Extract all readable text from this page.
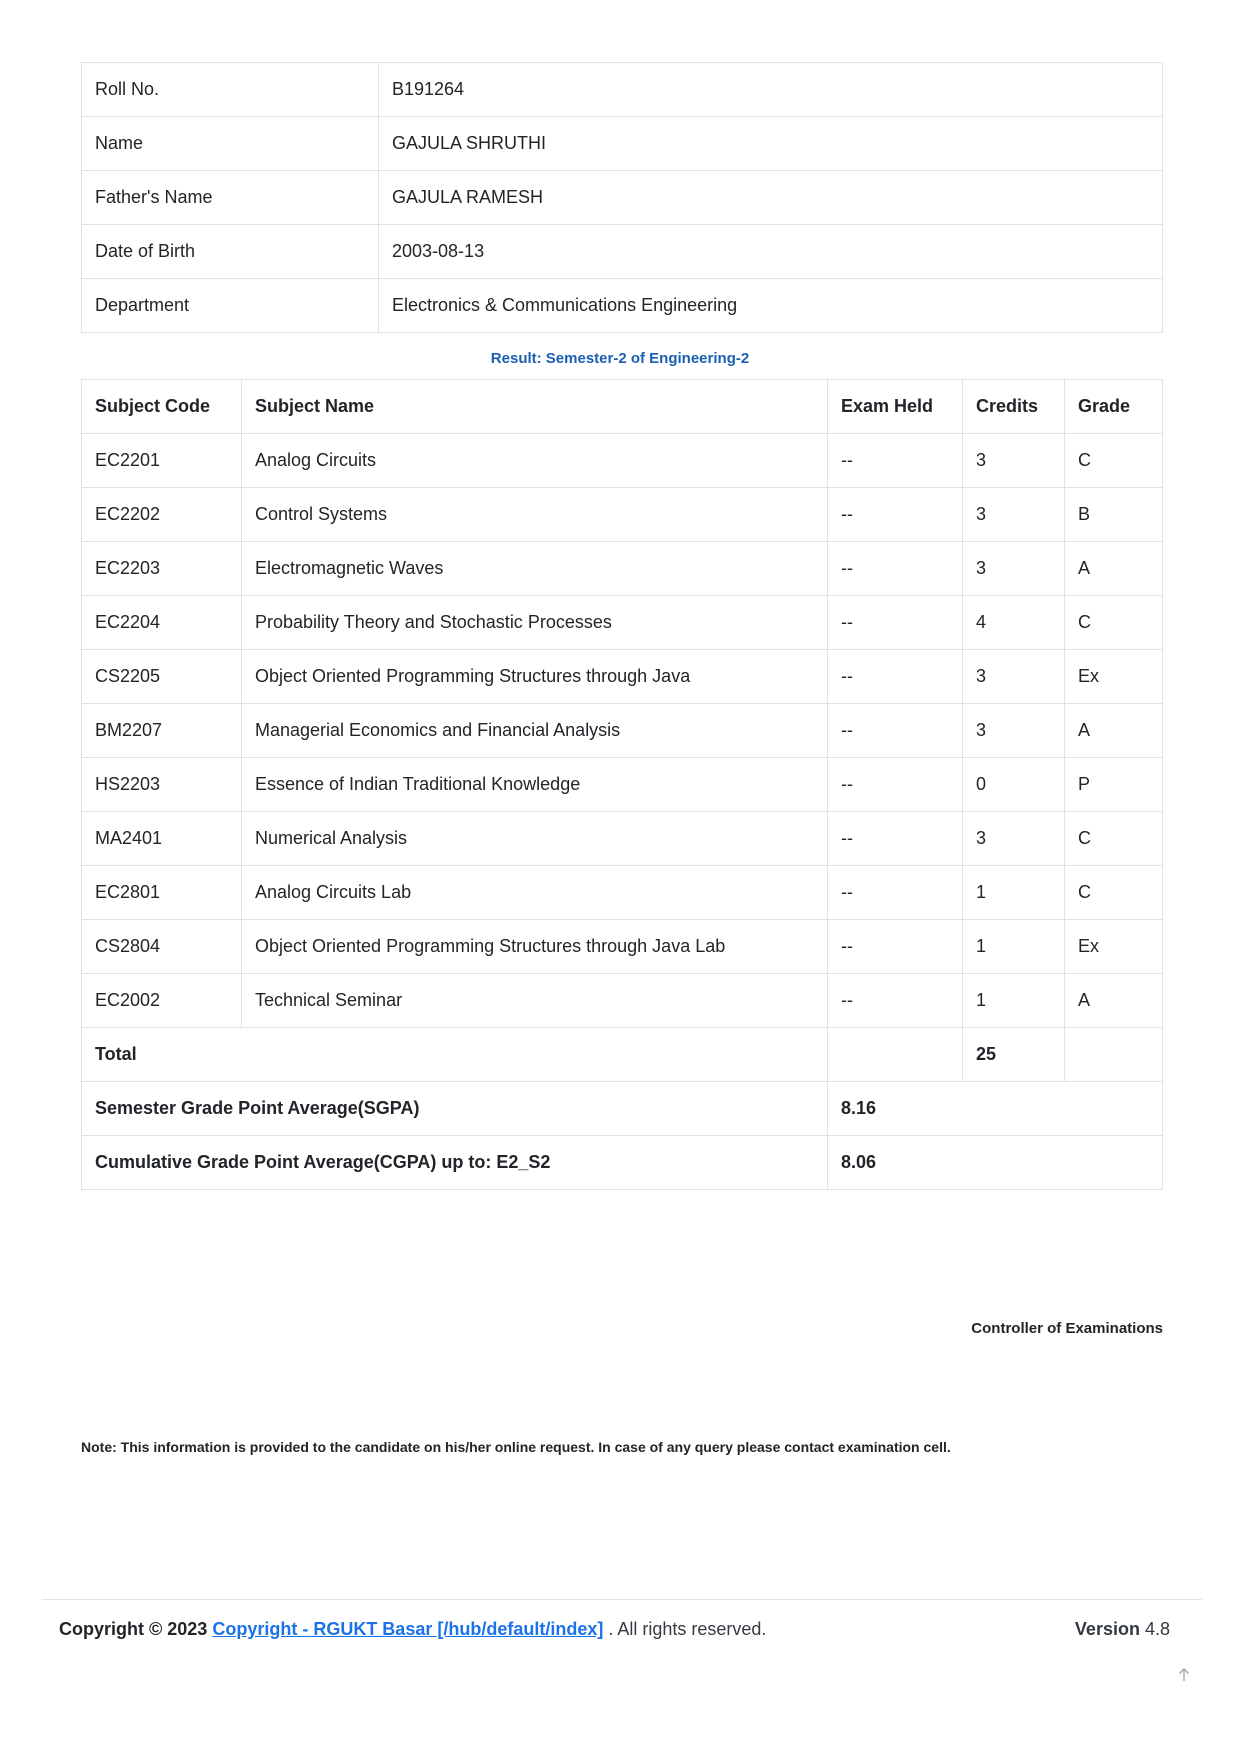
Roll No.	B191264
Name	GAJULA SHRUTHI
Father's Name	GAJULA RAMESH
Date of Birth	2003-08-13
Department	Electronics & Communications Engineering
Result: Semester-2 of Engineering-2
Subject Code	Subject Name	Exam Held	Credits	Grade
EC2201	Analog Circuits	--	3	C
EC2202	Control Systems	--	3	B
EC2203	Electromagnetic Waves	--	3	A
EC2204	Probability Theory and Stochastic Processes	--	4	C
CS2205	Object Oriented Programming Structures through Java	--	3	Ex
BM2207	Managerial Economics and Financial Analysis	--	3	A
HS2203	Essence of Indian Traditional Knowledge	--	0	P
MA2401	Numerical Analysis	--	3	C
EC2801	Analog Circuits Lab	--	1	C
CS2804	Object Oriented Programming Structures through Java Lab	--	1	Ex
EC2002	Technical Seminar	--	1	A
Total			25	
Semester Grade Point Average(SGPA)		8.16		
Cumulative Grade Point Average(CGPA) up to: E2_S2		8.06		
Controller of Examinations
Note: This information is provided to the candidate on his/her online request. In case of any query please contact examination cell.
Copyright © 2023 Copyright - RGUKT Basar [/hub/default/index] . All rights reserved.	Version 4.8
